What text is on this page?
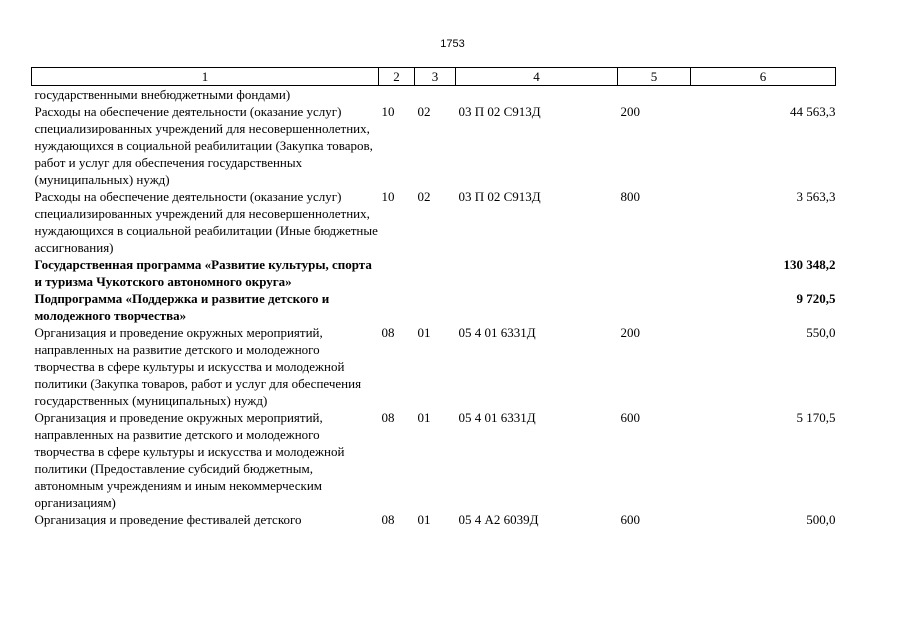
1753
1	2	3	4	5	6
государственными внебюджетными фондами)					
Расходы на обеспечение деятельности (оказание услуг) специализированных учреждений для несовершеннолетних, нуждающихся в социальной реабилитации (Закупка товаров, работ и услуг для обеспечения государственных (муниципальных) нужд)	10	02	03 П 02 С913Д	200	44 563,3
Расходы на обеспечение деятельности (оказание услуг) специализированных учреждений для несовершеннолетних, нуждающихся в социальной реабилитации (Иные бюджетные ассигнования)	10	02	03 П 02 С913Д	800	3 563,3
Государственная программа «Развитие культуры, спорта и туризма Чукотского автономного округа»					130 348,2
Подпрограмма «Поддержка и развитие детского и молодежного творчества»					9 720,5
Организация и проведение окружных мероприятий, направленных на развитие детского и молодежного творчества в сфере культуры и искусства и молодежной политики (Закупка товаров, работ и услуг для обеспечения государственных (муниципальных) нужд)	08	01	05 4 01 6331Д	200	550,0
Организация и проведение окружных мероприятий, направленных на развитие детского и молодежного творчества в сфере культуры и искусства и молодежной политики (Предоставление субсидий бюджетным, автономным учреждениям и иным некоммерческим организациям)	08	01	05 4 01 6331Д	600	5 170,5
Организация и проведение фестивалей детского	08	01	05 4 А2 6039Д	600	500,0
